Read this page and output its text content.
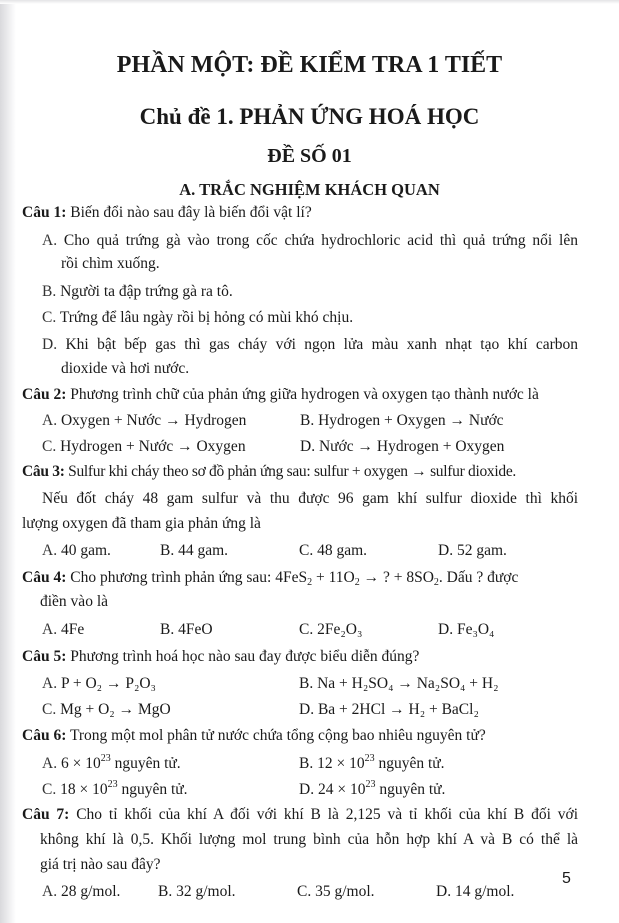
PHẦN MỘT: ĐỀ KIỂM TRA 1 TIẾT
Chủ đề 1. PHẢN ỨNG HOÁ HỌC
ĐỀ SỐ 01
A. TRẮC NGHIỆM KHÁCH QUAN
Câu 1: Biến đổi nào sau đây là biến đổi vật lí?
A. Cho quả trứng gà vào trong cốc chứa hydrochloric acid thì quả trứng nổi lên
rồi chìm xuống.
B. Người ta đập trứng gà ra tô.
C. Trứng để lâu ngày rồi bị hỏng có mùi khó chịu.
D. Khi bật bếp gas thì gas cháy với ngọn lửa màu xanh nhạt tạo khí carbon
dioxide và hơi nước.
Câu 2: Phương trình chữ của phản ứng giữa hydrogen và oxygen tạo thành nước là
A. Oxygen + Nước → Hydrogen	B. Hydrogen + Oxygen → Nước
C. Hydrogen + Nước → Oxygen	D. Nước → Hydrogen + Oxygen
Câu 3: Sulfur khi cháy theo sơ đồ phản ứng sau: sulfur + oxygen → sulfur dioxide.
Nếu đốt cháy 48 gam sulfur và thu được 96 gam khí sulfur dioxide thì khối
lượng oxygen đã tham gia phản ứng là
A. 40 gam.	B. 44 gam.	C. 48 gam.	D. 52 gam.
Câu 4: Cho phương trình phản ứng sau: $4FeS_2 + 11O_2$ → ? + $8SO_2$. Dấu ? được
điền vào là
A. 4Fe	B. 4FeO	C. 2Fe₂O₃	D. Fe₃O₄
Câu 5: Phương trình hoá học nào sau đay được biểu diễn đúng?
A. P + O₂ → P₂O₃	B. Na + H₂SO₄ → Na₂SO₄ + H₂
C. Mg + O₂ → MgO	D. Ba + 2HCl → H₂ + BaCl₂
Câu 6: Trong một mol phân tử nước chứa tổng cộng bao nhiêu nguyên tử?
A. $6 \times 10^{23}$ nguyên tử.	B. $12 \times 10^{23}$ nguyên tử.
C. $18 \times 10^{23}$ nguyên tử.	D. $24 \times 10^{23}$ nguyên tử.
Câu 7: Cho tỉ khối của khí A đối với khí B là 2,125 và tỉ khối của khí B đối với
không khí là 0,5. Khối lượng mol trung bình của hỗn hợp khí A và B có thể là
giá trị nào sau đây?
A. 28 g/mol. B. 32 g/mol.	C. 35 g/mol.	D. 14 g/mol.
5
